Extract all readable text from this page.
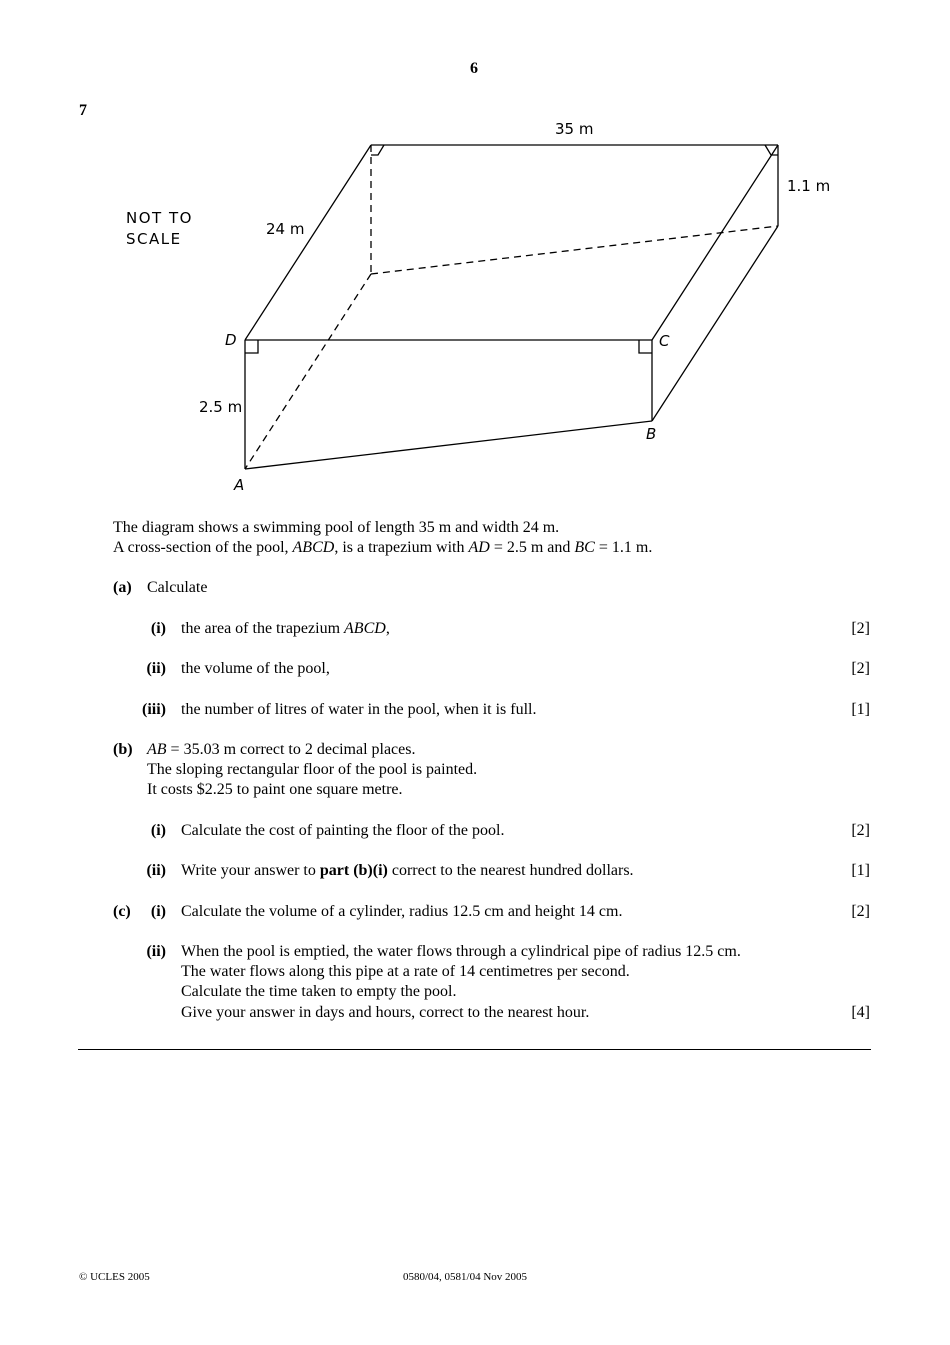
6
7
NOT TO
SCALE
35 m
24 m
1.1 m
2.5 m
D	C
B
A
The diagram shows a swimming pool of length 35 m and width 24 m.
A cross-section of the pool, ABCD, is a trapezium with AD = 2.5 m and BC = 1.1 m.
(a) Calculate
(i) the area of the trapezium ABCD,	[2]
(ii) the volume of the pool,	[2]
(iii) the number of litres of water in the pool, when it is full.	[1]
(b) AB = 35.03 m correct to 2 decimal places.
The sloping rectangular floor of the pool is painted.
It costs $2.25 to paint one square metre.
(i) Calculate the cost of painting the floor of the pool.	[2]
(ii) Write your answer to part (b)(i) correct to the nearest hundred dollars.	[1]
(c)	(i) Calculate the volume of a cylinder, radius 12.5 cm and height 14 cm.	[2]
(ii) When the pool is emptied, the water flows through a cylindrical pipe of radius 12.5 cm.
The water flows along this pipe at a rate of 14 centimetres per second.
Calculate the time taken to empty the pool.
Give your answer in days and hours, correct to the nearest hour.	[4]
© UCLES 2005	0580/04, 0581/04 Nov 2005
